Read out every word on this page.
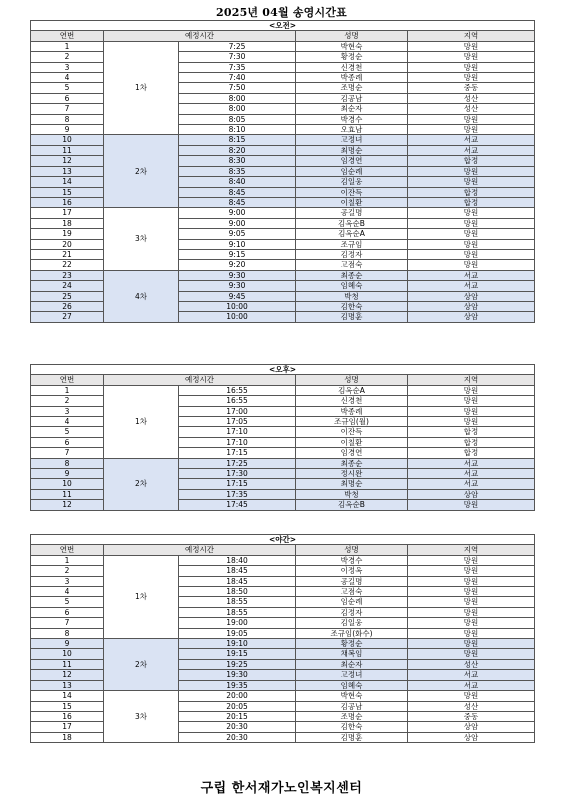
2025년 04월 송영시간표
<오전>				
연번	예정시간		성명	지역
1	1차	7:25	박현숙	망원
2		7:30	황정순	망원
3		7:35	신경천	망원
4		7:40	박종례	망원
5		7:50	조명순	중동
6		8:00	김공남	성산
7		8:00	최순자	성산
8		8:05	박경수	망원
9		8:10	오효남	망원
10	2차	8:15	고정녀	서교
11		8:20	최명순	서교
12		8:30	임경연	합정
13		8:35	임순례	망원
14		8:40	김일웅	망원
15		8:45	이잔득	합정
16		8:45	이칠환	합정
17	3차	9:00	공길명	망원
18		9:00	김옥순B	망원
19		9:05	김옥순A	망원
20		9:10	조규임	망원
21		9:15	김정자	망원
22		9:20	고점숙	망원
23	4차	9:30	최종순	서교
24		9:30	임혜숙	서교
25		9:45	박청	상암
26		10:00	김한숙	상암
27		10:00	김명훈	상암
<오후>				
연번	예정시간		성명	지역
1	1차	16:55	김옥순A	망원
2		16:55	신경천	망원
3		17:00	박종례	망원
4		17:05	조규임(월)	망원
5		17:10	이잔득	합정
6		17:10	이칠환	합정
7		17:15	임경연	합정
8	2차	17:25	최종순	서교
9		17:30	정시완	서교
10		17:15	최명순	서교
11		17:35	박청	상암
12		17:45	김옥순B	망원
<야간>				
연번	예정시간		성명	지역
1	1차	18:40	박경수	망원
2		18:45	이정옥	망원
3		18:45	공길명	망원
4		18:50	고점숙	망원
5		18:55	임순례	망원
6		18:55	김정자	망원
7		19:00	김일웅	망원
8		19:05	조규임(화수)	망원
9	2차	19:10	황정순	망원
10		19:15	채복임	망원
11		19:25	최순자	성산
12		19:30	고정녀	서교
13		19:35	임혜숙	서교
14	3차	20:00	박현숙	망원
15		20:05	김공남	성산
16		20:15	조명순	중동
17		20:30	김한숙	상암
18		20:30	김명훈	상암
구립 한서재가노인복지센터
